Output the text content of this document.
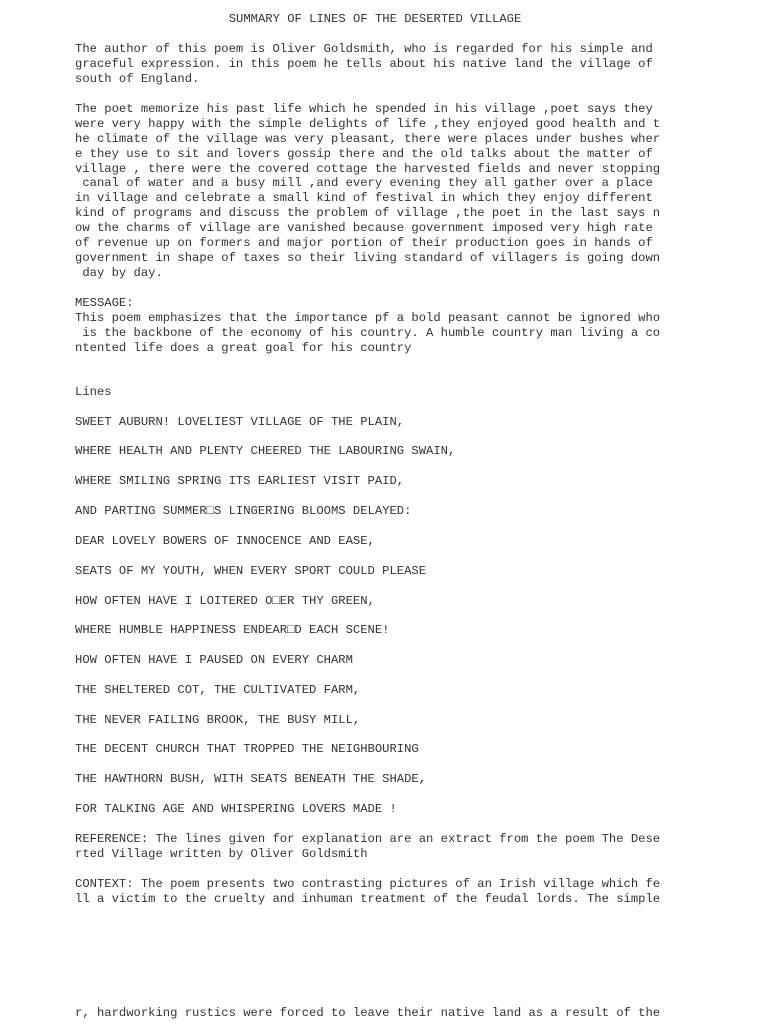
SUMMARY OF LINES OF THE DESERTED VILLAGE
The author of this poem is Oliver Goldsmith, who is regarded for his simple and
graceful expression. in this poem he tells about his native land the village of
south of England.
The poet memorize his past life which he spended in his village ,poet says they
were very happy with the simple delights of life ,they enjoyed good health and t
he climate of the village was very pleasant, there were places under bushes wher
e they use to sit and lovers gossip there and the old talks about the matter of
village , there were the covered cottage the harvested fields and never stopping
canal of water and a busy mill ,and every evening they all gather over a place
in village and celebrate a small kind of festival in which they enjoy different
kind of programs and discuss the problem of village ,the poet in the last says n
ow the charms of village are vanished because government imposed very high rate
of revenue up on formers and major portion of their production goes in hands of
government in shape of taxes so their living standard of villagers is going down
day by day.
MESSAGE:
This poem emphasizes that the importance pf a bold peasant cannot be ignored who
is the backbone of the economy of his country. A humble country man living a co
ntented life does a great goal for his country
Lines
SWEET AUBURN! LOVELIEST VILLAGE OF THE PLAIN,
WHERE HEALTH AND PLENTY CHEERED THE LABOURING SWAIN,
WHERE SMILING SPRING ITS EARLIEST VISIT PAID,
AND PARTING SUMMER□S LINGERING BLOOMS DELAYED:
DEAR LOVELY BOWERS OF INNOCENCE AND EASE,
SEATS OF MY YOUTH, WHEN EVERY SPORT COULD PLEASE
HOW OFTEN HAVE I LOITERED O□ER THY GREEN,
WHERE HUMBLE HAPPINESS ENDEAR□D EACH SCENE!
HOW OFTEN HAVE I PAUSED ON EVERY CHARM
THE SHELTERED COT, THE CULTIVATED FARM,
THE NEVER FAILING BROOK, THE BUSY MILL,
THE DECENT CHURCH THAT TROPPED THE NEIGHBOURING
THE HAWTHORN BUSH, WITH SEATS BENEATH THE SHADE,
FOR TALKING AGE AND WHISPERING LOVERS MADE !
REFERENCE: The lines given for explanation are an extract from the poem The Dese
rted Village written by Oliver Goldsmith
CONTEXT: The poem presents two contrasting pictures of an Irish village which fe
ll a victim to the cruelty and inhuman treatment of the feudal lords. The simple
r, hardworking rustics were forced to leave their native land as a result of the
